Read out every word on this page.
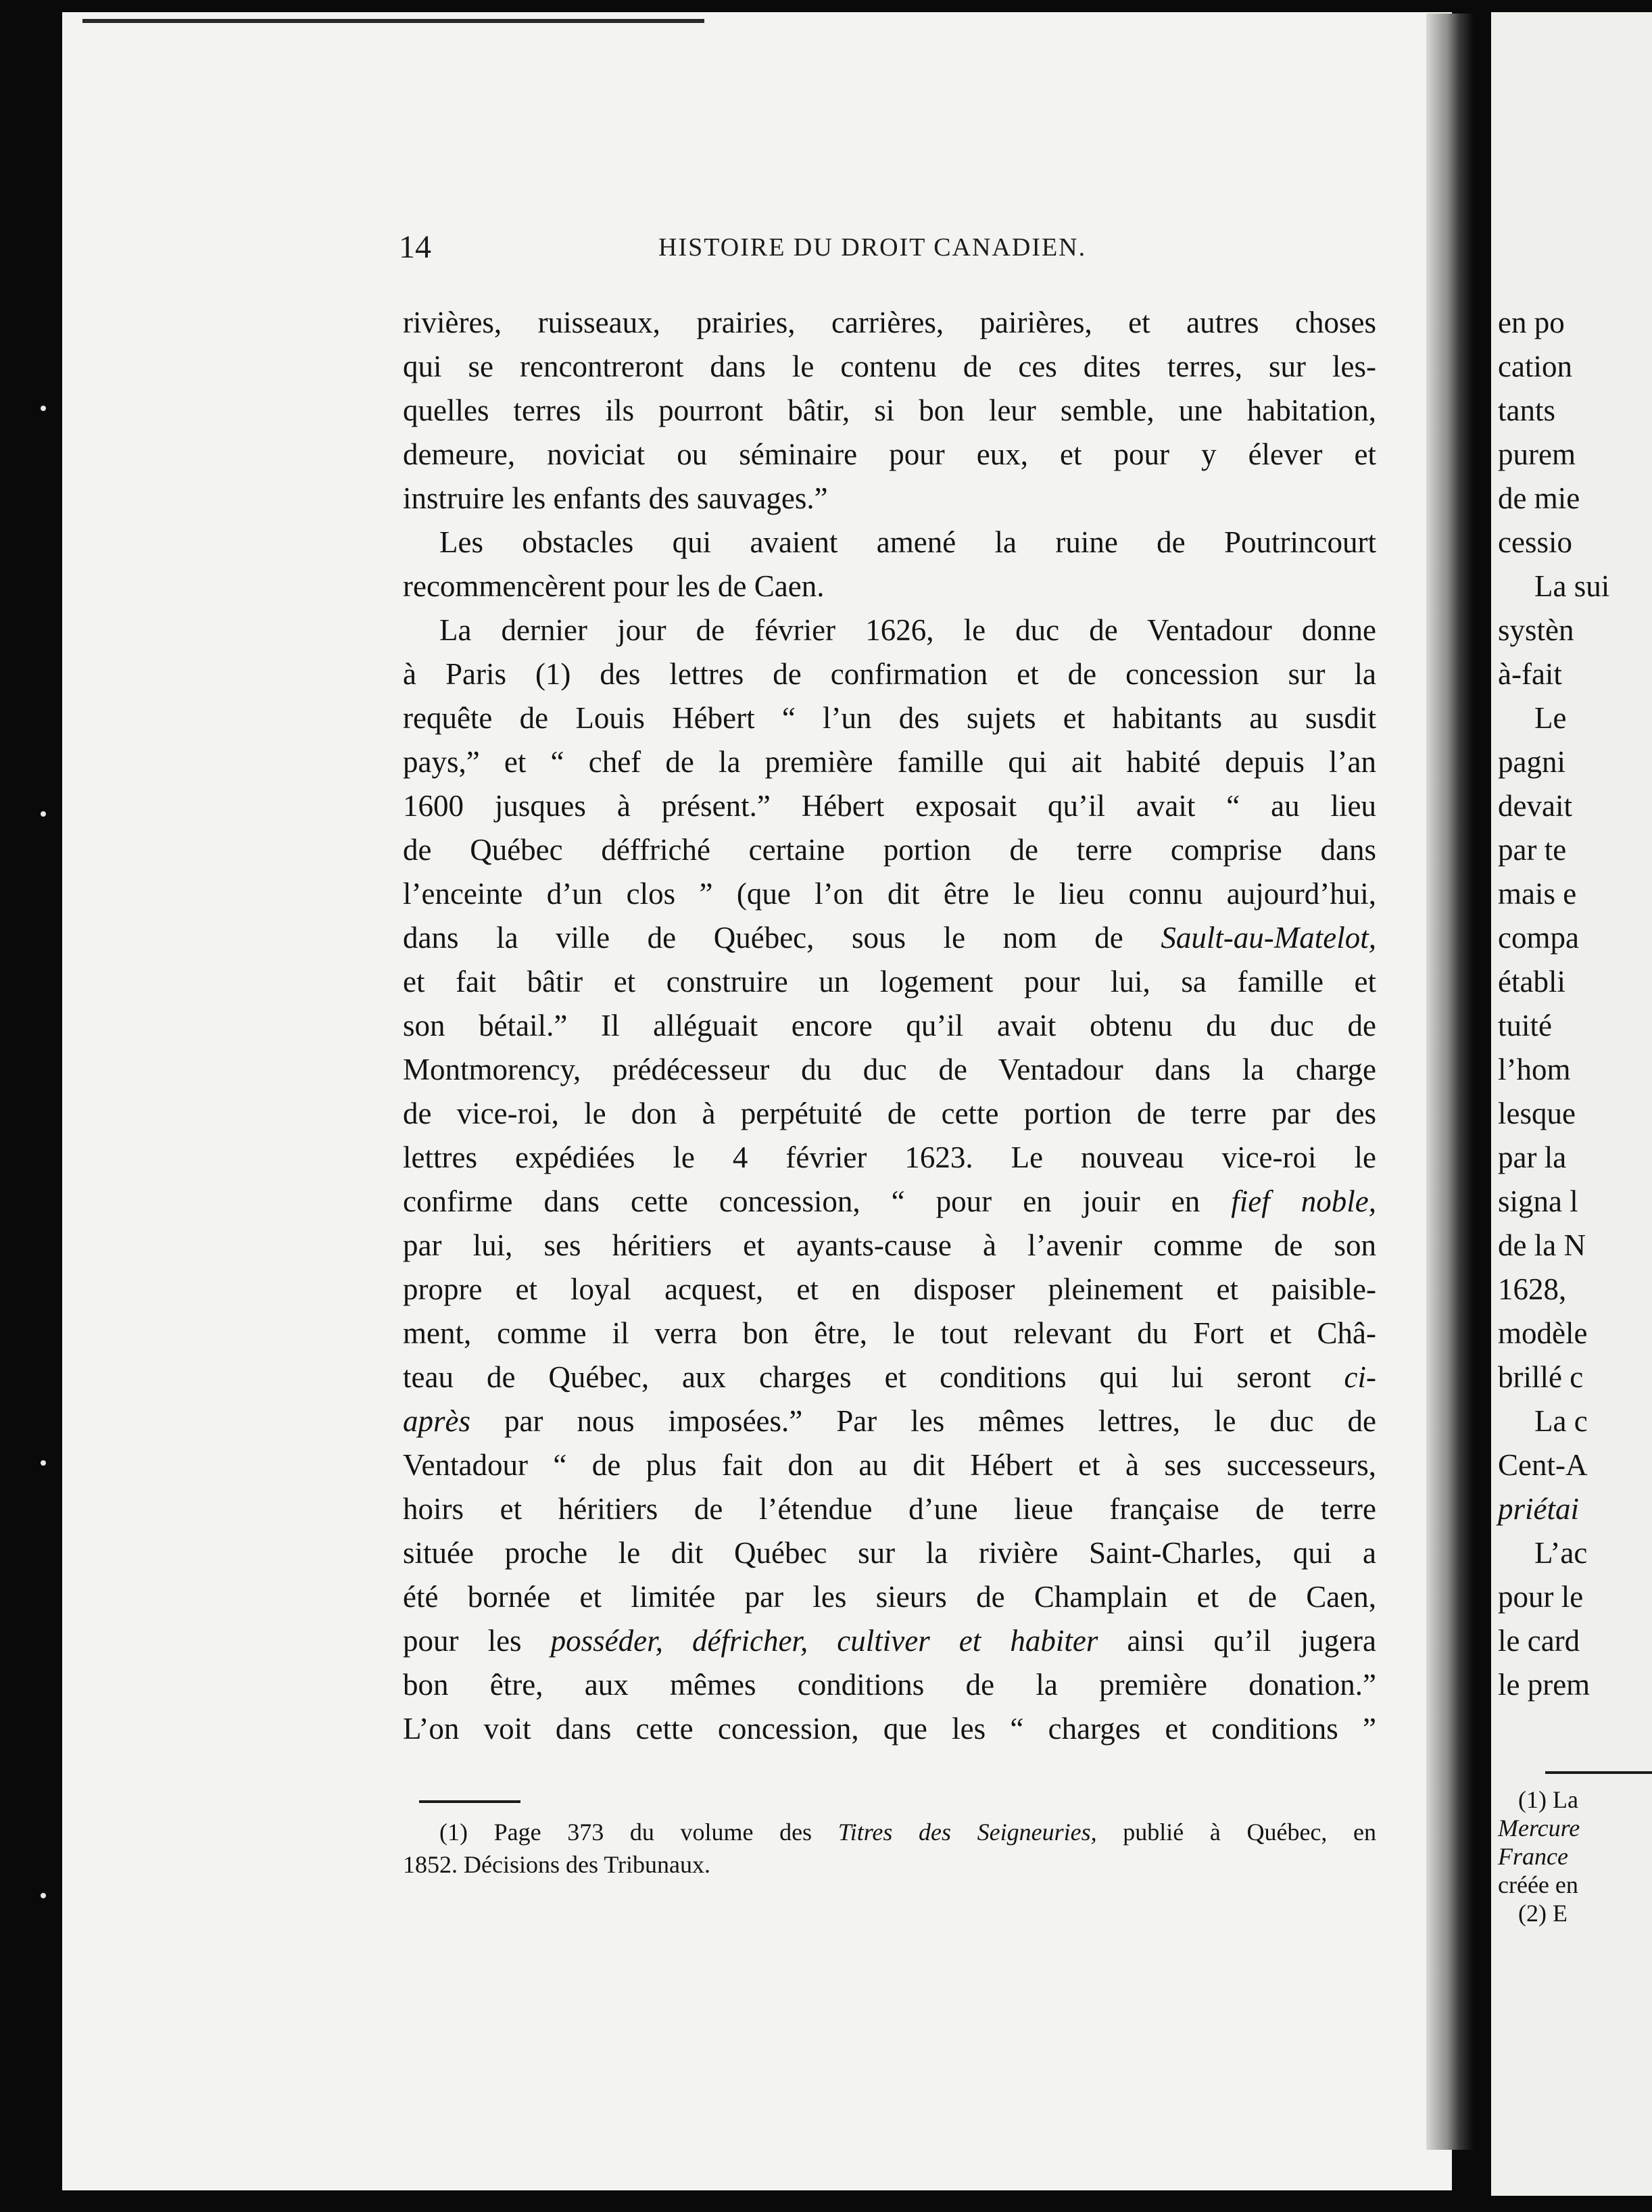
en po
cation
tants
purem
de mie
cessio
La sui
systèn
à-fait
Le
pagni
devait
par te
mais e
compa
établi
tuité
l’hom
lesque
par la
signa l
de la N
1628,
modèle
brillé c
La c
Cent-A
priétai
L’ac
pour le
le card
le prem
(1) La
Mercure
France
créée en
(2) E
14	HISTOIRE DU DROIT CANADIEN.
rivières, ruisseaux, prairies, carrières, pairières, et autres choses
qui se rencontreront dans le contenu de ces dites terres, sur les-
quelles terres ils pourront bâtir, si bon leur semble, une habitation,
demeure, noviciat ou séminaire pour eux, et pour y élever et
instruire les enfants des sauvages.”
Les obstacles qui avaient amené la ruine de Poutrincourt
recommencèrent pour les de Caen.
La dernier jour de février 1626, le duc de Ventadour donne
à Paris (1) des lettres de confirmation et de concession sur la
requête de Louis Hébert “ l’un des sujets et habitants au susdit
pays,” et “ chef de la première famille qui ait habité depuis l’an
1600 jusques à présent.” Hébert exposait qu’il avait “ au lieu
de Québec déffriché certaine portion de terre comprise dans
l’enceinte d’un clos ” (que l’on dit être le lieu connu aujourd’hui,
dans la ville de Québec, sous le nom de Sault-au-Matelot,
et fait bâtir et construire un logement pour lui, sa famille et
son bétail.” Il alléguait encore qu’il avait obtenu du duc de
Montmorency, prédécesseur du duc de Ventadour dans la charge
de vice-roi, le don à perpétuité de cette portion de terre par des
lettres expédiées le 4 février 1623. Le nouveau vice-roi le
confirme dans cette concession, “ pour en jouir en fief noble,
par lui, ses héritiers et ayants-cause à l’avenir comme de son
propre et loyal acquest, et en disposer pleinement et paisible-
ment, comme il verra bon être, le tout relevant du Fort et Châ-
teau de Québec, aux charges et conditions qui lui seront ci-
après par nous imposées.” Par les mêmes lettres, le duc de
Ventadour “ de plus fait don au dit Hébert et à ses successeurs,
hoirs et héritiers de l’étendue d’une lieue française de terre
située proche le dit Québec sur la rivière Saint-Charles, qui a
été bornée et limitée par les sieurs de Champlain et de Caen,
pour les posséder, défricher, cultiver et habiter ainsi qu’il jugera
bon être, aux mêmes conditions de la première donation.”
L’on voit dans cette concession, que les “ charges et conditions ”
(1) Page 373 du volume des Titres des Seigneuries, publié à Québec, en
1852. Décisions des Tribunaux.
